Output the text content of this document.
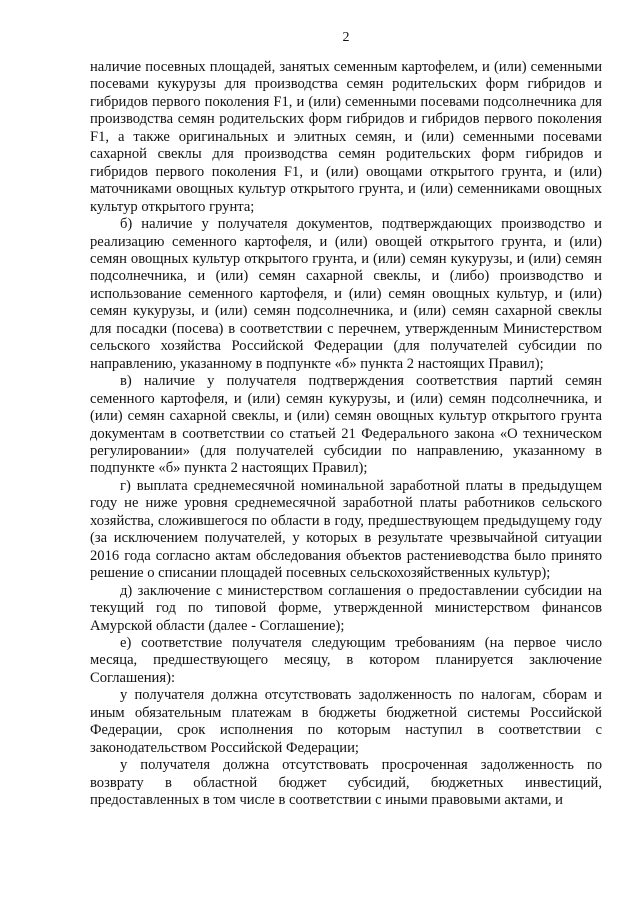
2

наличие посевных площадей, занятых семенным картофелем, и (или) семенными посевами кукурузы для производства семян родительских форм гибридов и гибридов первого поколения F1, и (или) семенными посевами подсолнечника для производства семян родительских форм гибридов и гибридов первого поколения F1, а также оригинальных и элитных семян, и (или) семенными посевами сахарной свеклы для производства семян родительских форм гибридов и гибридов первого поколения F1, и (или) овощами открытого грунта, и (или) маточниками овощных культур открытого грунта, и (или) семенниками овощных культур открытого грунта;

б) наличие у получателя документов, подтверждающих производство и реализацию семенного картофеля, и (или) овощей открытого грунта, и (или) семян овощных культур открытого грунта, и (или) семян кукурузы, и (или) семян подсолнечника, и (или) семян сахарной свеклы, и (либо) производство и использование семенного картофеля, и (или) семян овощных культур, и (или) семян кукурузы, и (или) семян подсолнечника, и (или) семян сахарной свеклы для посадки (посева) в соответствии с перечнем, утвержденным Министерством сельского хозяйства Российской Федерации (для получателей субсидии по направлению, указанному в подпункте «б» пункта 2 настоящих Правил);

в) наличие у получателя подтверждения соответствия партий семян семенного картофеля, и (или) семян кукурузы, и (или) семян подсолнечника, и (или) семян сахарной свеклы, и (или) семян овощных культур открытого грунта документам в соответствии со статьей 21 Федерального закона «О техническом регулировании» (для получателей субсидии по направлению, указанному в подпункте «б» пункта 2 настоящих Правил);

г) выплата среднемесячной номинальной заработной платы в предыдущем году не ниже уровня среднемесячной заработной платы работников сельского хозяйства, сложившегося по области в году, предшествующем предыдущему году (за исключением получателей, у которых в результате чрезвычайной ситуации 2016 года согласно актам обследования объектов растениеводства было принято решение о списании площадей посевных сельскохозяйственных культур);

д) заключение с министерством соглашения о предоставлении субсидии на текущий год по типовой форме, утвержденной министерством финансов Амурской области (далее - Соглашение);

е) соответствие получателя следующим требованиям (на первое число месяца, предшествующего месяцу, в котором планируется заключение Соглашения):

у получателя должна отсутствовать задолженность по налогам, сборам и иным обязательным платежам в бюджеты бюджетной системы Российской Федерации, срок исполнения по которым наступил в соответствии с законодательством Российской Федерации;

у получателя должна отсутствовать просроченная задолженность по возврату в областной бюджет субсидий, бюджетных инвестиций, предоставленных в том числе в соответствии с иными правовыми актами, и
